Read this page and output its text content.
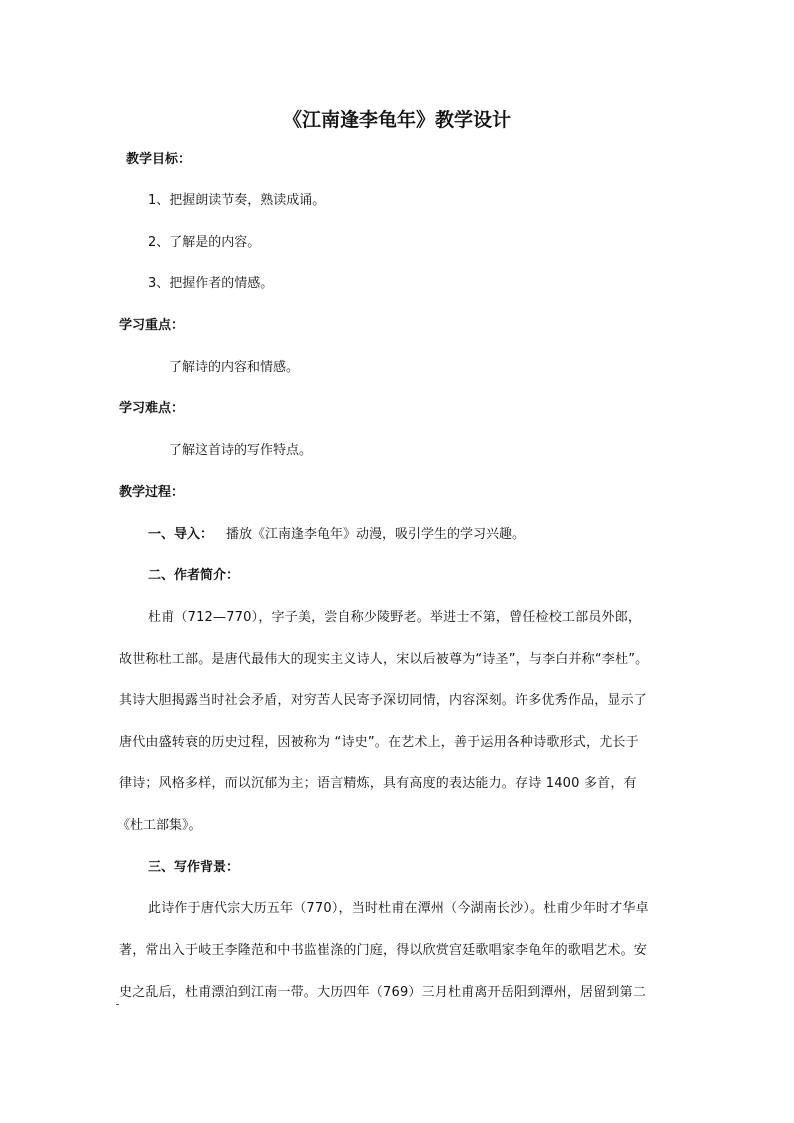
《江南逢李龟年》教学设计
教学目标：
1、把握朗读节奏，熟读成诵。
2、了解是的内容。
3、把握作者的情感。
学习重点：
了解诗的内容和情感。
学习难点：
了解这首诗的写作特点。
教学过程：
一、导入： 播放《江南逢李龟年》动漫，吸引学生的学习兴趣。
二、作者简介：
杜甫（712—770），字子美，尝自称少陵野老。举进士不第，曾任检校工部员外郎，
故世称杜工部。是唐代最伟大的现实主义诗人，宋以后被尊为“诗圣”，与李白并称“李杜”。
其诗大胆揭露当时社会矛盾，对穷苦人民寄予深切同情，内容深刻。许多优秀作品，显示了
唐代由盛转衰的历史过程，因被称为 “诗史”。在艺术上，善于运用各种诗歌形式，尤长于
律诗；风格多样，而以沉郁为主；语言精炼，具有高度的表达能力。存诗 1400 多首，有
《杜工部集》。
三、写作背景：
此诗作于唐代宗大历五年（770），当时杜甫在潭州（今湖南长沙）。杜甫少年时才华卓
著，常出入于岐王李隆范和中书监崔涤的门庭，得以欣赏宫廷歌唱家李龟年的歌唱艺术。安
史之乱后，杜甫漂泊到江南一带。大历四年（769）三月杜甫离开岳阳到潭州，居留到第二
